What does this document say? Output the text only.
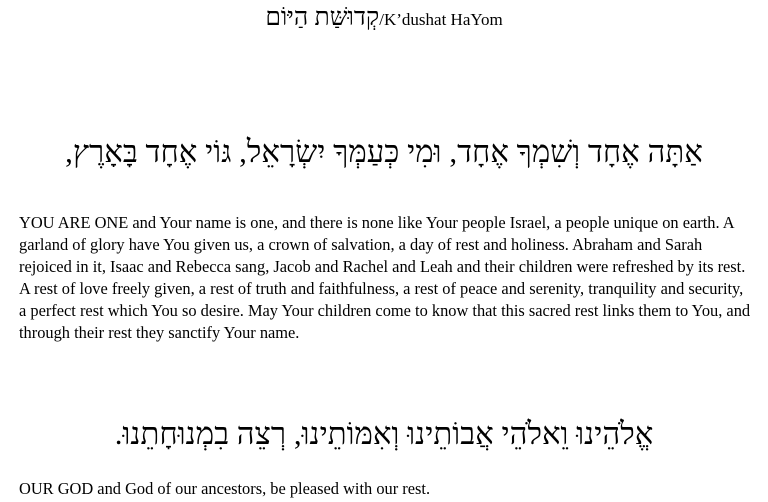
קְדוּשַּׁת הַיּוֹם/K’dushat HaYom
אַתָּה אֶחָד וְשִׁמְךָ אֶחָד, וּמִי כְּעַמְּךָ יִשְׂרָאֵל, גּוֹי אֶחָד בָּאָרֶץ,

YOU ARE ONE and Your name is one, and there is none like Your people Israel, a people unique on earth. A garland of glory have You given us, a crown of salvation, a day of rest and holiness. Abraham and Sarah rejoiced in it, Isaac and Rebecca sang, Jacob and Rachel and Leah and their children were refreshed by its rest. A rest of love freely given, a rest of truth and faithfulness, a rest of peace and serenity, tranquility and security, a perfect rest which You so desire. May Your children come to know that this sacred rest links them to You, and through their rest they sanctify Your name.

אֱלֹהֵינוּ וֵאלֹהֵי אֲבוֹתֵינוּ וְאִמּוֹתֵינוּ, רְצֵה בִמְנוּחָתֵנוּ.

OUR GOD and God of our ancestors, be pleased with our rest.
